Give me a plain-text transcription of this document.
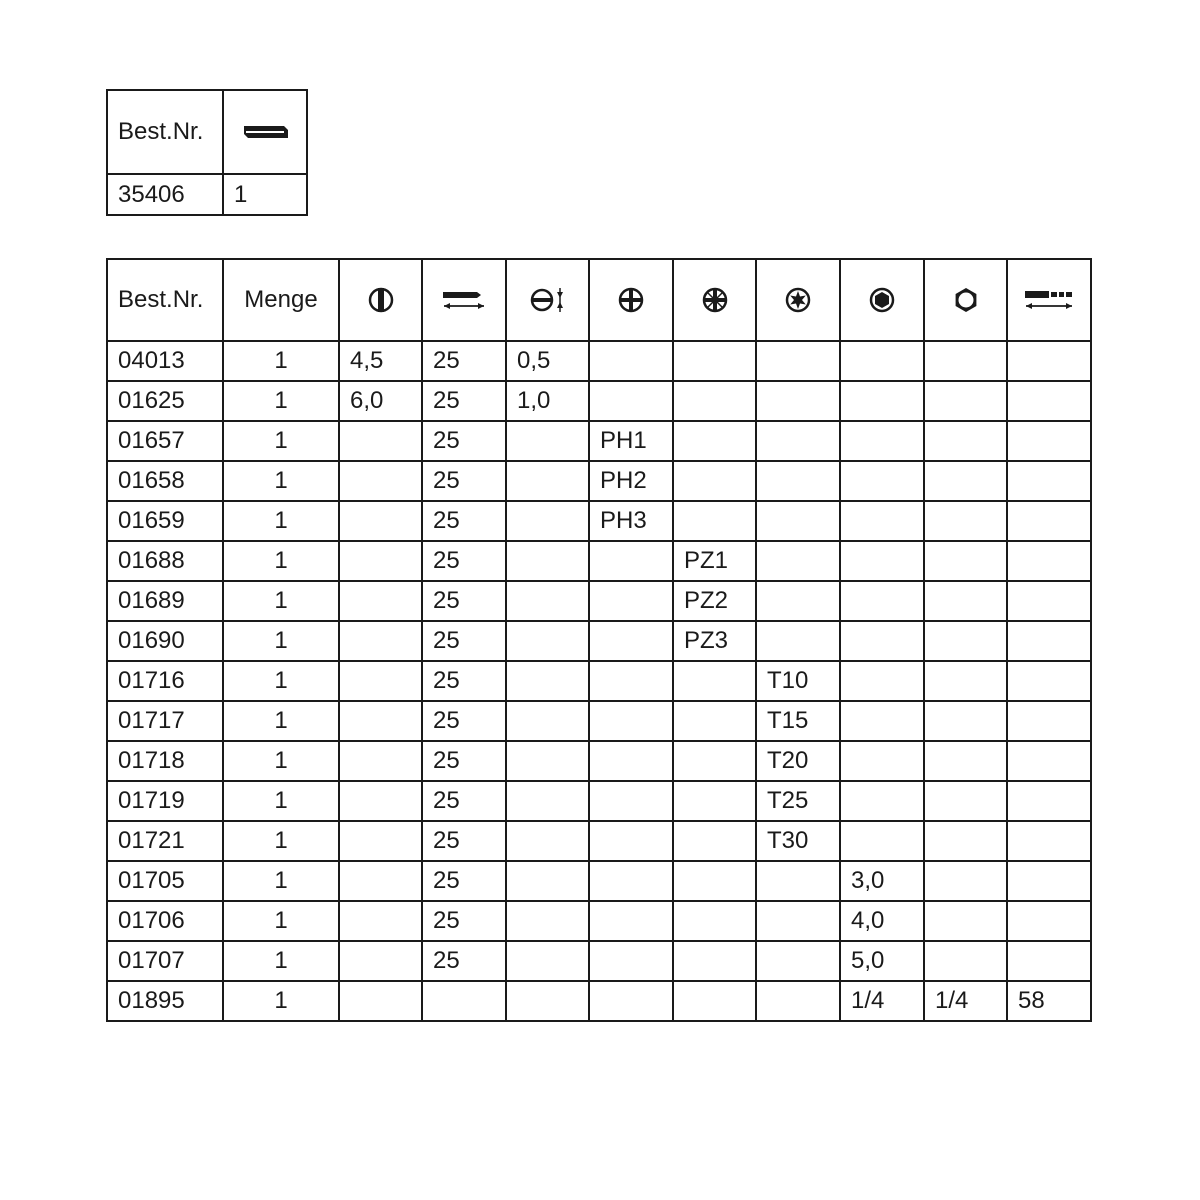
Best.Nr.	

35406	1
Best.Nr.	Menge	

04013	1	4,5	25	0,5						
01625	1	6,0	25	1,0						
01657	1		25		PH1					
01658	1		25		PH2					
01659	1		25		PH3					
01688	1		25			PZ1				
01689	1		25			PZ2				
01690	1		25			PZ3				
01716	1		25				T10			
01717	1		25				T15			
01718	1		25				T20			
01719	1		25				T25			
01721	1		25				T30			
01705	1		25					3,0		
01706	1		25					4,0		
01707	1		25					5,0		
01895	1							1/4	1/4	58
